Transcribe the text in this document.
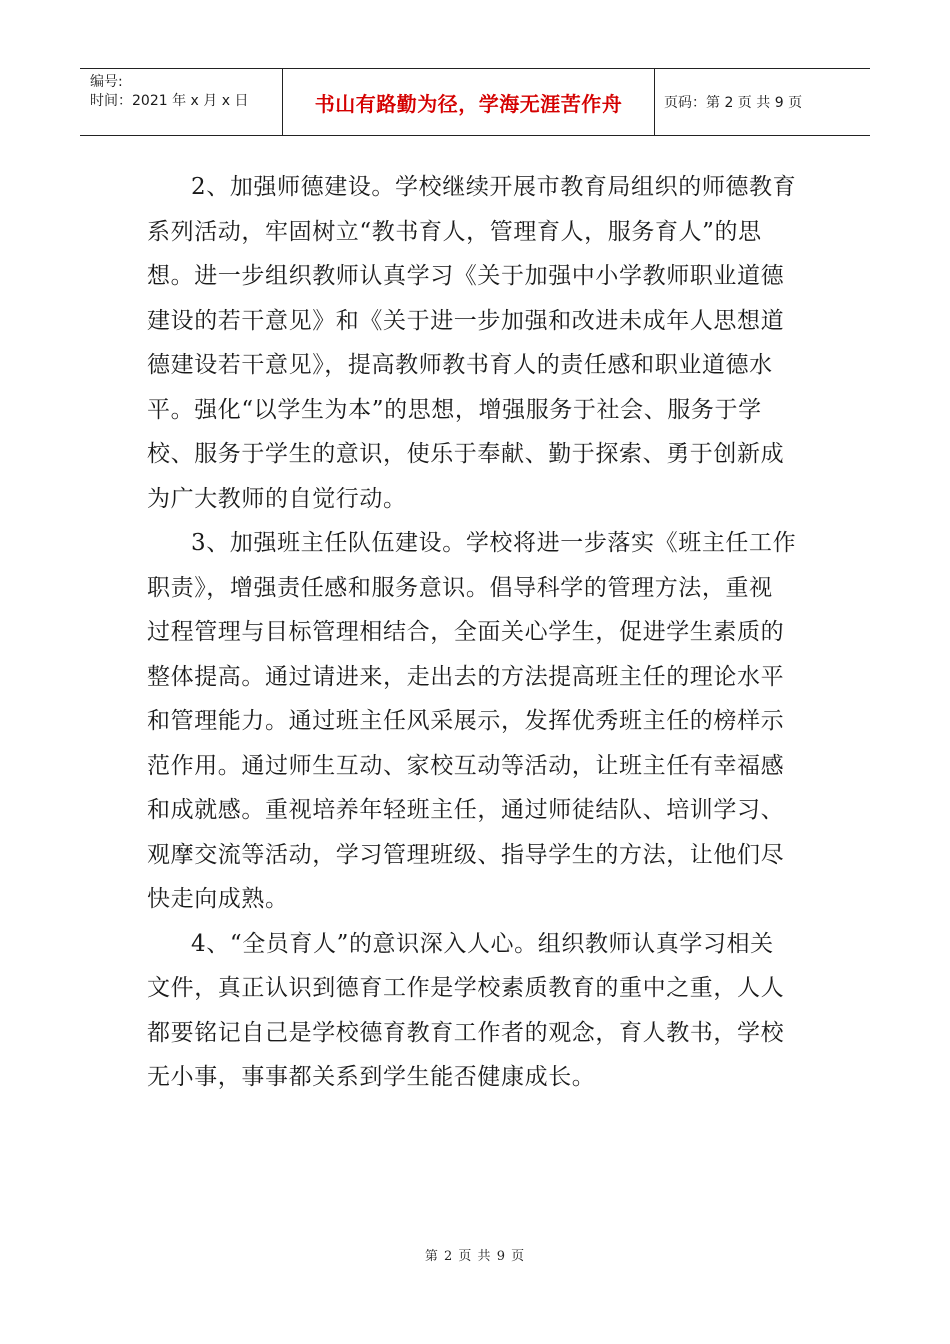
编号:
时间：2021 年 x 月 x 日	书山有路勤为径，学海无涯苦作舟	页码：第 2 页 共 9 页
2、加强师德建设。学校继续开展市教育局组织的师德教育
系列活动，牢固树立“教书育人，管理育人，服务育人”的思
想。进一步组织教师认真学习《关于加强中小学教师职业道德
建设的若干意见》和《关于进一步加强和改进未成年人思想道
德建设若干意见》，提高教师教书育人的责任感和职业道德水
平。强化“以学生为本”的思想，增强服务于社会、服务于学
校、服务于学生的意识，使乐于奉献、勤于探索、勇于创新成
为广大教师的自觉行动。
3、加强班主任队伍建设。学校将进一步落实《班主任工作
职责》，增强责任感和服务意识。倡导科学的管理方法，重视
过程管理与目标管理相结合，全面关心学生，促进学生素质的
整体提高。通过请进来，走出去的方法提高班主任的理论水平
和管理能力。通过班主任风采展示，发挥优秀班主任的榜样示
范作用。通过师生互动、家校互动等活动，让班主任有幸福感
和成就感。重视培养年轻班主任，通过师徒结队、培训学习、
观摩交流等活动，学习管理班级、指导学生的方法，让他们尽
快走向成熟。
4、“全员育人”的意识深入人心。组织教师认真学习相关
文件，真正认识到德育工作是学校素质教育的重中之重，人人
都要铭记自己是学校德育教育工作者的观念，育人教书，学校
无小事，事事都关系到学生能否健康成长。
第 2 页 共 9 页
